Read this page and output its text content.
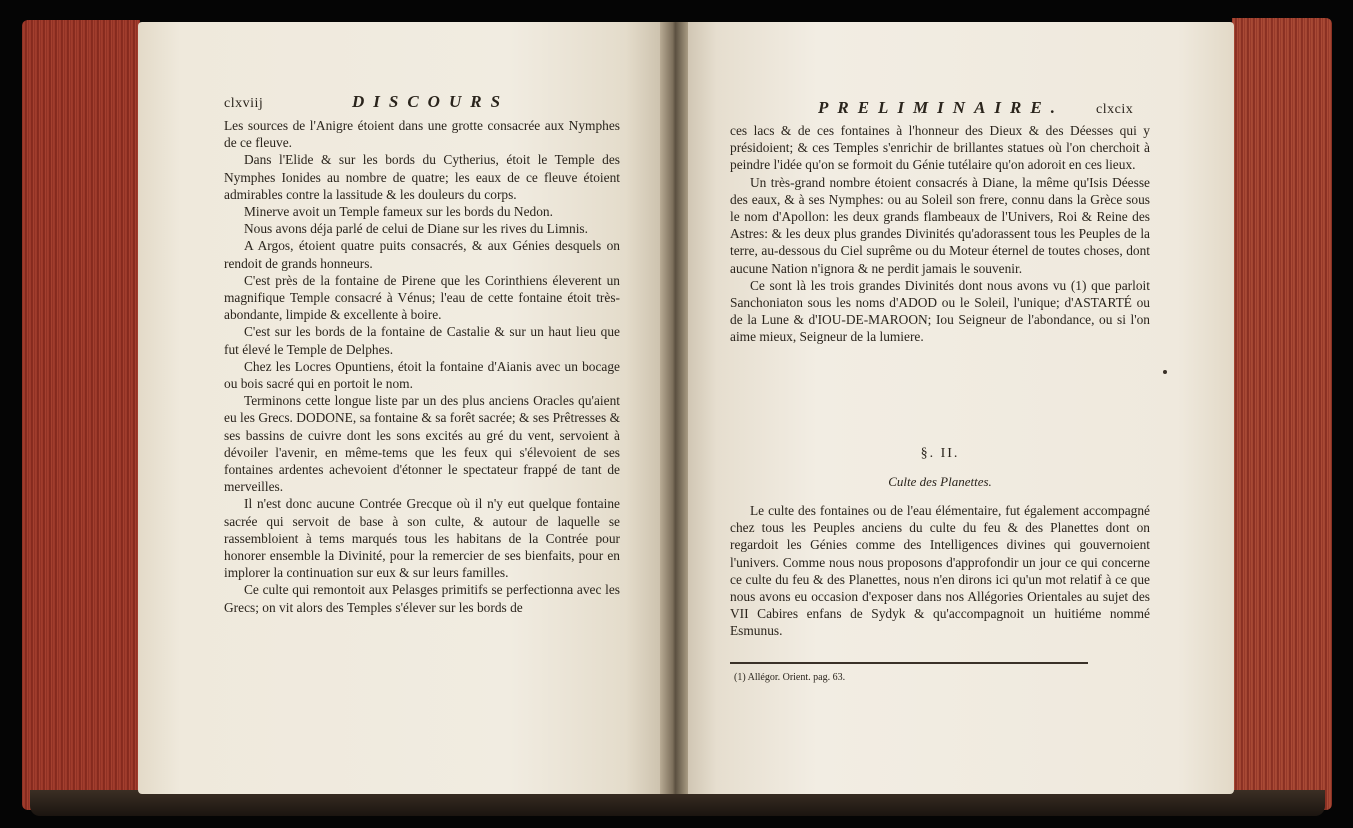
clxviij	DISCOURS

Les sources de l'Anigre étoient dans une grotte consacrée aux Nymphes de ce fleuve.

Dans l'Elide & sur les bords du Cytherius, étoit le Temple des Nymphes Ionides au nombre de quatre; les eaux de ce fleuve étoient admirables contre la lassitude & les douleurs du corps.

Minerve avoit un Temple fameux sur les bords du Nedon.

Nous avons déja parlé de celui de Diane sur les rives du Limnis.

A Argos, étoient quatre puits consacrés, & aux Génies desquels on rendoit de grands honneurs.

C'est près de la fontaine de Pirene que les Corinthiens éleverent un magnifique Temple consacré à Vénus; l'eau de cette fontaine étoit très-abondante, limpide & excellente à boire.

C'est sur les bords de la fontaine de Castalie & sur un haut lieu que fut élevé le Temple de Delphes.

Chez les Locres Opuntiens, étoit la fontaine d'Aianis avec un bocage ou bois sacré qui en portoit le nom.

Terminons cette longue liste par un des plus anciens Oracles qu'aient eu les Grecs. DODONE, sa fontaine & sa forêt sacrée; & ses Prêtresses & ses bassins de cuivre dont les sons excités au gré du vent, servoient à dévoiler l'avenir, en même-tems que les feux qui s'élevoient de ses fontaines ardentes achevoient d'étonner le spectateur frappé de tant de merveilles.

Il n'est donc aucune Contrée Grecque où il n'y eut quelque fontaine sacrée qui servoit de base à son culte, & autour de laquelle se rassembloient à tems marqués tous les habitans de la Contrée pour honorer ensemble la Divinité, pour la remercier de ses bienfaits, pour en implorer la continuation sur eux & sur leurs familles.

Ce culte qui remontoit aux Pelasges primitifs se perfectionna avec les Grecs; on vit alors des Temples s'élever sur les bords de

PRELIMINAIRE. clxcix

ces lacs & de ces fontaines à l'honneur des Dieux & des Déesses qui y présidoient; & ces Temples s'enrichir de brillantes statues où l'on cherchoit à peindre l'idée qu'on se formoit du Génie tutélaire qu'on adoroit en ces lieux.

Un très-grand nombre étoient consacrés à Diane, la même qu'Isis Déesse des eaux, & à ses Nymphes: ou au Soleil son frere, connu dans la Grèce sous le nom d'Apollon: les deux grands flambeaux de l'Univers, Roi & Reine des Astres: & les deux plus grandes Divinités qu'adorassent tous les Peuples de la terre, au-dessous du Ciel suprême ou du Moteur éternel de toutes choses, dont aucune Nation n'ignora & ne perdit jamais le souvenir.

Ce sont là les trois grandes Divinités dont nous avons vu (1) que parloit Sanchoniaton sous les noms d'ADOD ou le Soleil, l'unique; d'ASTARTÉ ou de la Lune & d'IOU-DE-MAROON; Iou Seigneur de l'abondance, ou si l'on aime mieux, Seigneur de la lumiere.

§. II.
Culte des Planettes.

Le culte des fontaines ou de l'eau élémentaire, fut également accompagné chez tous les Peuples anciens du culte du feu & des Planettes dont on regardoit les Génies comme des Intelligences divines qui gouvernoient l'univers. Comme nous nous proposons d'approfondir un jour ce qui concerne ce culte du feu & des Planettes, nous n'en dirons ici qu'un mot relatif à ce que nous avons eu occasion d'exposer dans nos Allégories Orientales au sujet des VII Cabires enfans de Sydyk & qu'accompagnoit un huitiéme nommé Esmunus.

(1) Allégor. Orient. pag. 63.
